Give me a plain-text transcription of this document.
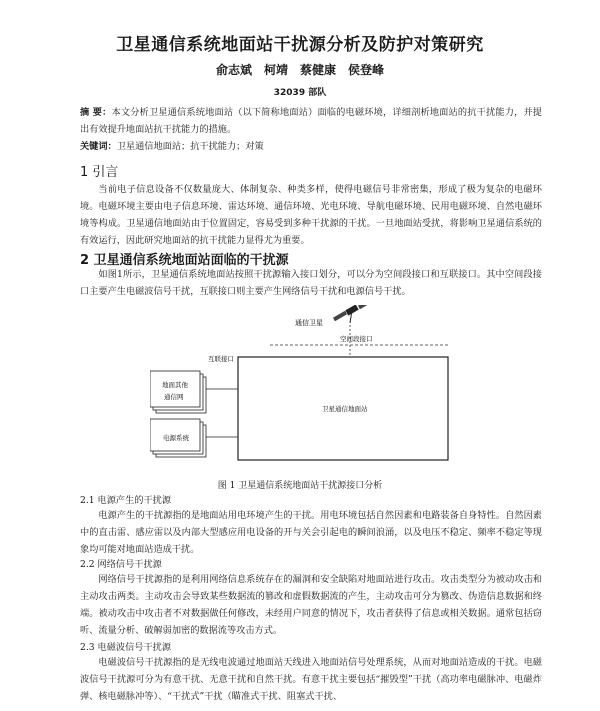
卫星通信系统地面站干扰源分析及防护对策研究
俞志斌　柯靖　蔡健康　侯登峰
32039 部队
摘 要：本文分析卫星通信系统地面站（以下简称地面站）面临的电磁环境，详细剖析地面站的抗干扰能力，并提出有效提升地面站抗干扰能力的措施。
关键词：卫星通信地面站；抗干扰能力；对策
1 引言
当前电子信息设备不仅数量庞大、体制复杂、种类多样，使得电磁信号非常密集，形成了极为复杂的电磁环境。电磁环境主要由电子信息环境、雷达环境、通信环境、光电环境、导航电磁环境、民用电磁环境、自然电磁环境等构成。卫星通信地面站由于位置固定，容易受到多种干扰源的干扰。一旦地面站受扰，将影响卫星通信系统的有效运行，因此研究地面站的抗干扰能力显得尤为重要。
2 卫星通信系统地面站面临的干扰源
如图1所示，卫星通信系统地面站按照干扰源输入接口划分，可以分为空间段接口和互联接口。其中空间段接口主要产生电磁波信号干扰，互联接口则主要产生网络信号干扰和电源信号干扰。
通信卫星
空间段接口
互联接口
卫星通信地面站
地面其他
通信网
电源系统
图 1 卫星通信系统地面站干扰源接口分析
2.1 电源产生的干扰源
电源产生的干扰源指的是地面站用电环境产生的干扰。用电环境包括自然因素和电路装备自身特性。自然因素中的直击雷、感应雷以及内部大型感应用电设备的开与关会引起电的瞬间浪涌，以及电压不稳定、频率不稳定等现象均可能对地面站造成干扰。
2.2 网络信号干扰源
网络信号干扰源指的是利用网络信息系统存在的漏洞和安全缺陷对地面站进行攻击。攻击类型分为被动攻击和主动攻击两类。主动攻击会导致某些数据流的篡改和虚假数据流的产生，主动攻击可分为篡改、伪造信息数据和终端。被动攻击中攻击者不对数据做任何修改，未经用户同意的情况下，攻击者获得了信息或相关数据。通常包括窃听、流量分析、破解弱加密的数据流等攻击方式。
2.3 电磁波信号干扰源
电磁波信号干扰源指的是无线电波通过地面站天线进入地面站信号处理系统，从而对地面站造成的干扰。电磁波信号干扰源可分为有意干扰、无意干扰和自然干扰。有意干扰主要包括“摧毁型”干扰（高功率电磁脉冲、电磁炸弹、核电磁脉冲等）、“干扰式”干扰（瞄准式干扰、阻塞式干扰、
